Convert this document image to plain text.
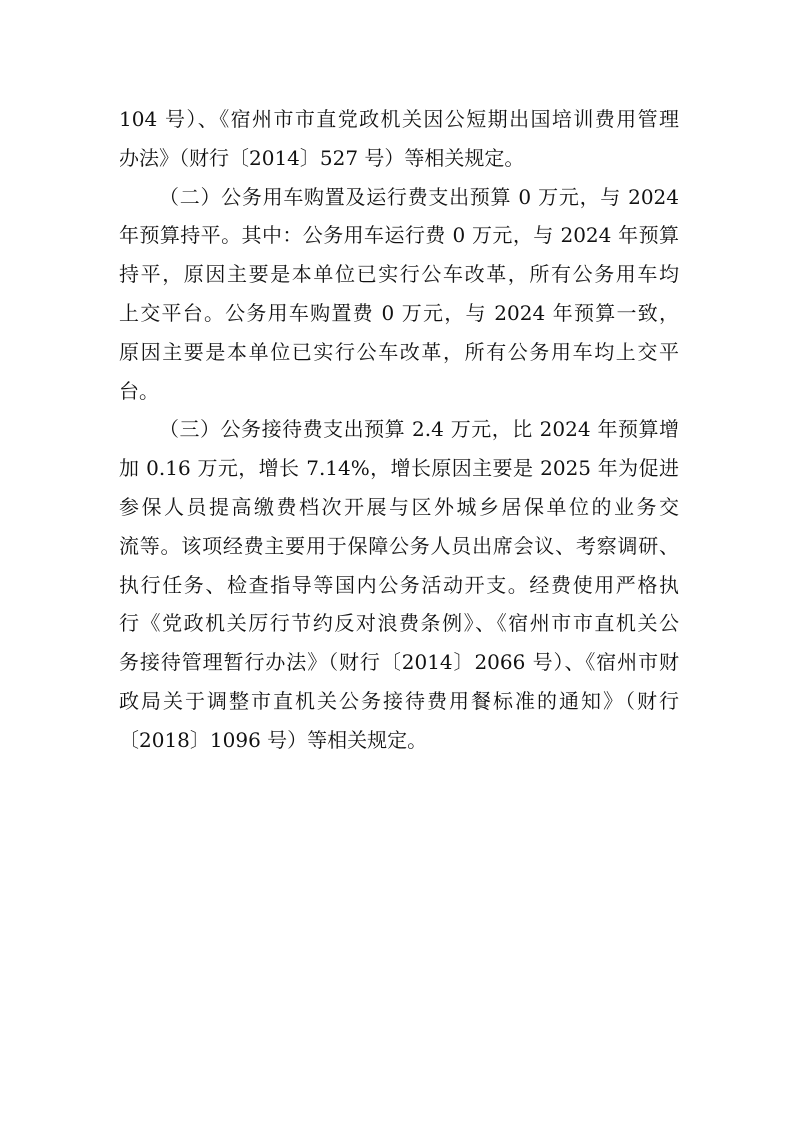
104 号）、《宿州市市直党政机关因公短期出国培训费用管理
办法》（财行〔2014〕527 号）等相关规定。
（二）公务用车购置及运行费支出预算 0 万元，与 2024
年预算持平。其中：公务用车运行费 0 万元，与 2024 年预算
持平，原因主要是本单位已实行公车改革，所有公务用车均
上交平台。公务用车购置费 0 万元，与 2024 年预算一致，
原因主要是本单位已实行公车改革，所有公务用车均上交平
台。
（三）公务接待费支出预算 2.4 万元，比 2024 年预算增
加 0.16 万元，增长 7.14%，增长原因主要是 2025 年为促进
参保人员提高缴费档次开展与区外城乡居保单位的业务交
流等。该项经费主要用于保障公务人员出席会议、考察调研、
执行任务、检查指导等国内公务活动开支。经费使用严格执
行《党政机关厉行节约反对浪费条例》、《宿州市市直机关公
务接待管理暂行办法》（财行〔2014〕2066 号）、《宿州市财
政局关于调整市直机关公务接待费用餐标准的通知》（财行
〔2018〕1096 号）等相关规定。
